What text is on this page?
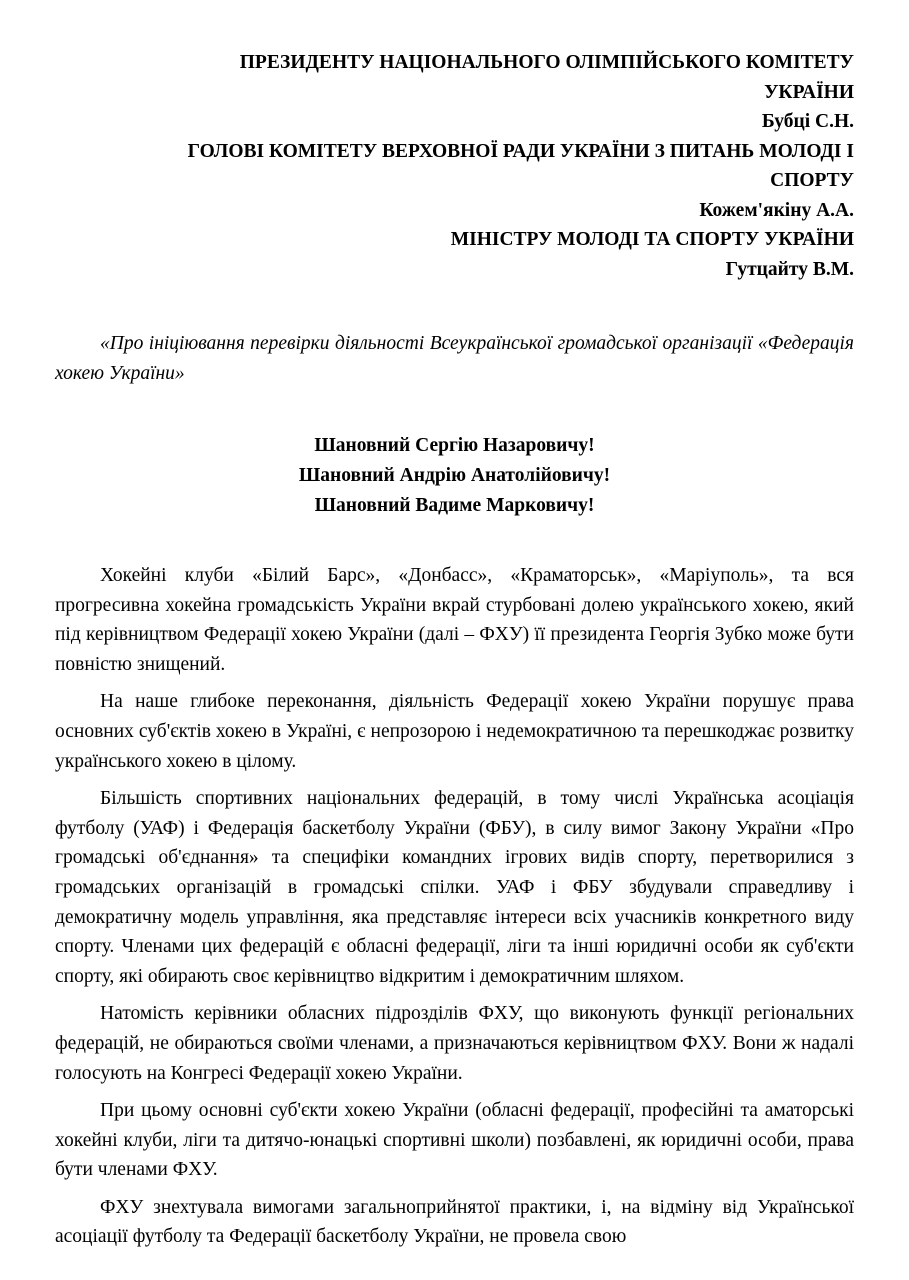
ПРЕЗИДЕНТУ НАЦІОНАЛЬНОГО ОЛІМПІЙСЬКОГО КОМІТЕТУ
УКРАЇНИ
Бубці С.Н.
ГОЛОВІ КОМІТЕТУ ВЕРХОВНОЇ РАДИ УКРАЇНИ З ПИТАНЬ МОЛОДІ І
СПОРТУ
Кожем'якіну А.А.
МІНІСТРУ МОЛОДІ ТА СПОРТУ УКРАЇНИ
Гутцайту В.М.
«Про ініціювання перевірки діяльності Всеукраїнської громадської організації «Федерація хокею України»
Шановний Сергію Назаровичу!
Шановний Андрію Анатолійовичу!
Шановний Вадиме Марковичу!

Хокейні клуби «Білий Барс», «Донбасс», «Краматорськ», «Маріуполь», та вся прогресивна хокейна громадськість України вкрай стурбовані долею українського хокею, який під керівництвом Федерації хокею України (далі – ФХУ) її президента Георгія Зубко може бути повністю знищений.

На наше глибоке переконання, діяльність Федерації хокею України порушує права основних суб'єктів хокею в Україні, є непрозорою і недемократичною та перешкоджає розвитку українського хокею в цілому.

Більшість спортивних національних федерацій, в тому числі Українська асоціація футболу (УАФ) і Федерація баскетболу України (ФБУ), в силу вимог Закону України «Про громадські об'єднання» та специфіки командних ігрових видів спорту, перетворилися з громадських організацій в громадські спілки. УАФ і ФБУ збудували справедливу і демократичну модель управління, яка представляє інтереси всіх учасників конкретного виду спорту. Членами цих федерацій є обласні федерації, ліги та інші юридичні особи як суб'єкти спорту, які обирають своє керівництво відкритим і демократичним шляхом.

Натомість керівники обласних підрозділів ФХУ, що виконують функції регіональних федерацій, не обираються своїми членами, а призначаються керівництвом ФХУ. Вони ж надалі голосують на Конгресі Федерації хокею України.

При цьому основні суб'єкти хокею України (обласні федерації, професійні та аматорські хокейні клуби, ліги та дитячо-юнацькі спортивні школи) позбавлені, як юридичні особи, права бути членами ФХУ.

ФХУ знехтувала вимогами загальноприйнятої практики, і, на відміну від Української асоціації футболу та Федерації баскетболу України, не провела свою
